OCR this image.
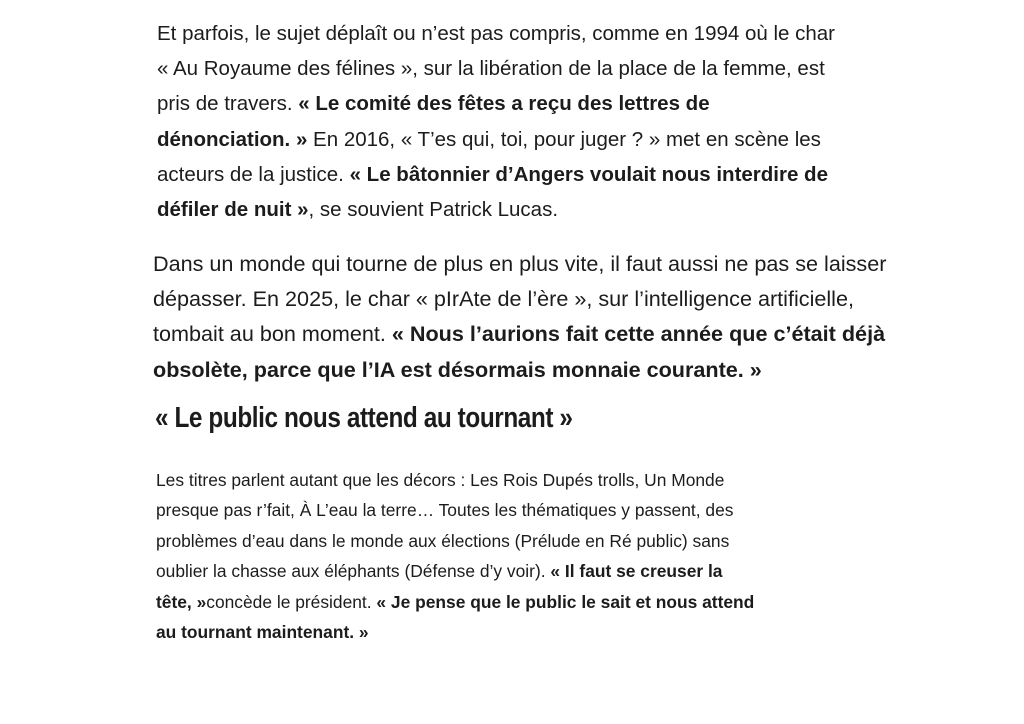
Et parfois, le sujet déplaît ou n’est pas compris, comme en 1994 où le char
« Au Royaume des félines », sur la libération de la place de la femme, est
pris de travers. « Le comité des fêtes a reçu des lettres de
dénonciation. » En 2016, « T’es qui, toi, pour juger ? » met en scène les
acteurs de la justice. « Le bâtonnier d’Angers voulait nous interdire de
défiler de nuit », se souvient Patrick Lucas.

Dans un monde qui tourne de plus en plus vite, il faut aussi ne pas se laisser
dépasser. En 2025, le char « pIrAte de l’ère », sur l’intelligence artificielle,
tombait au bon moment. « Nous l’aurions fait cette année que c’était déjà
obsolète, parce que l’IA est désormais monnaie courante. »

« Le public nous attend au tournant »

Les titres parlent autant que les décors : Les Rois Dupés trolls, Un Monde
presque pas r’fait, À L’eau la terre… Toutes les thématiques y passent, des
problèmes d’eau dans le monde aux élections (Prélude en Ré public) sans
oublier la chasse aux éléphants (Défense d’y voir). « Il faut se creuser la
tête, »concède le président. « Je pense que le public le sait et nous attend
au tournant maintenant. »
